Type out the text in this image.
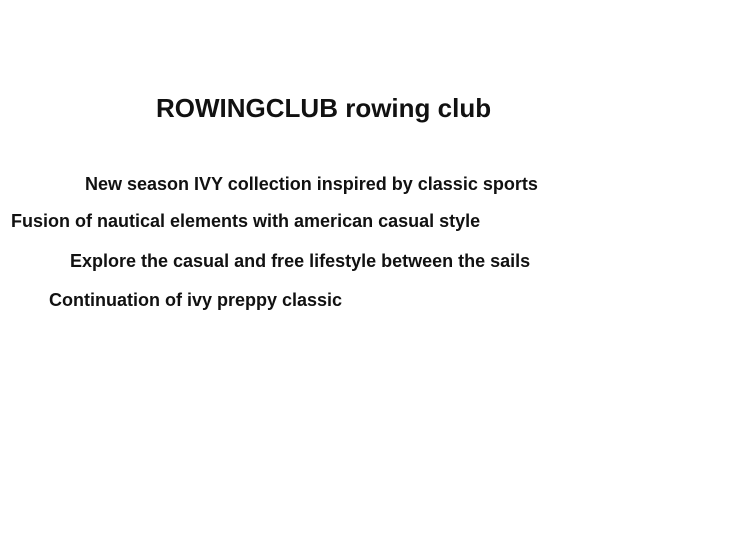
ROWINGCLUB rowing club
New season IVY collection inspired by classic sports
Fusion of nautical elements with american casual style
Explore the casual and free lifestyle between the sails
Continuation of ivy preppy classic
